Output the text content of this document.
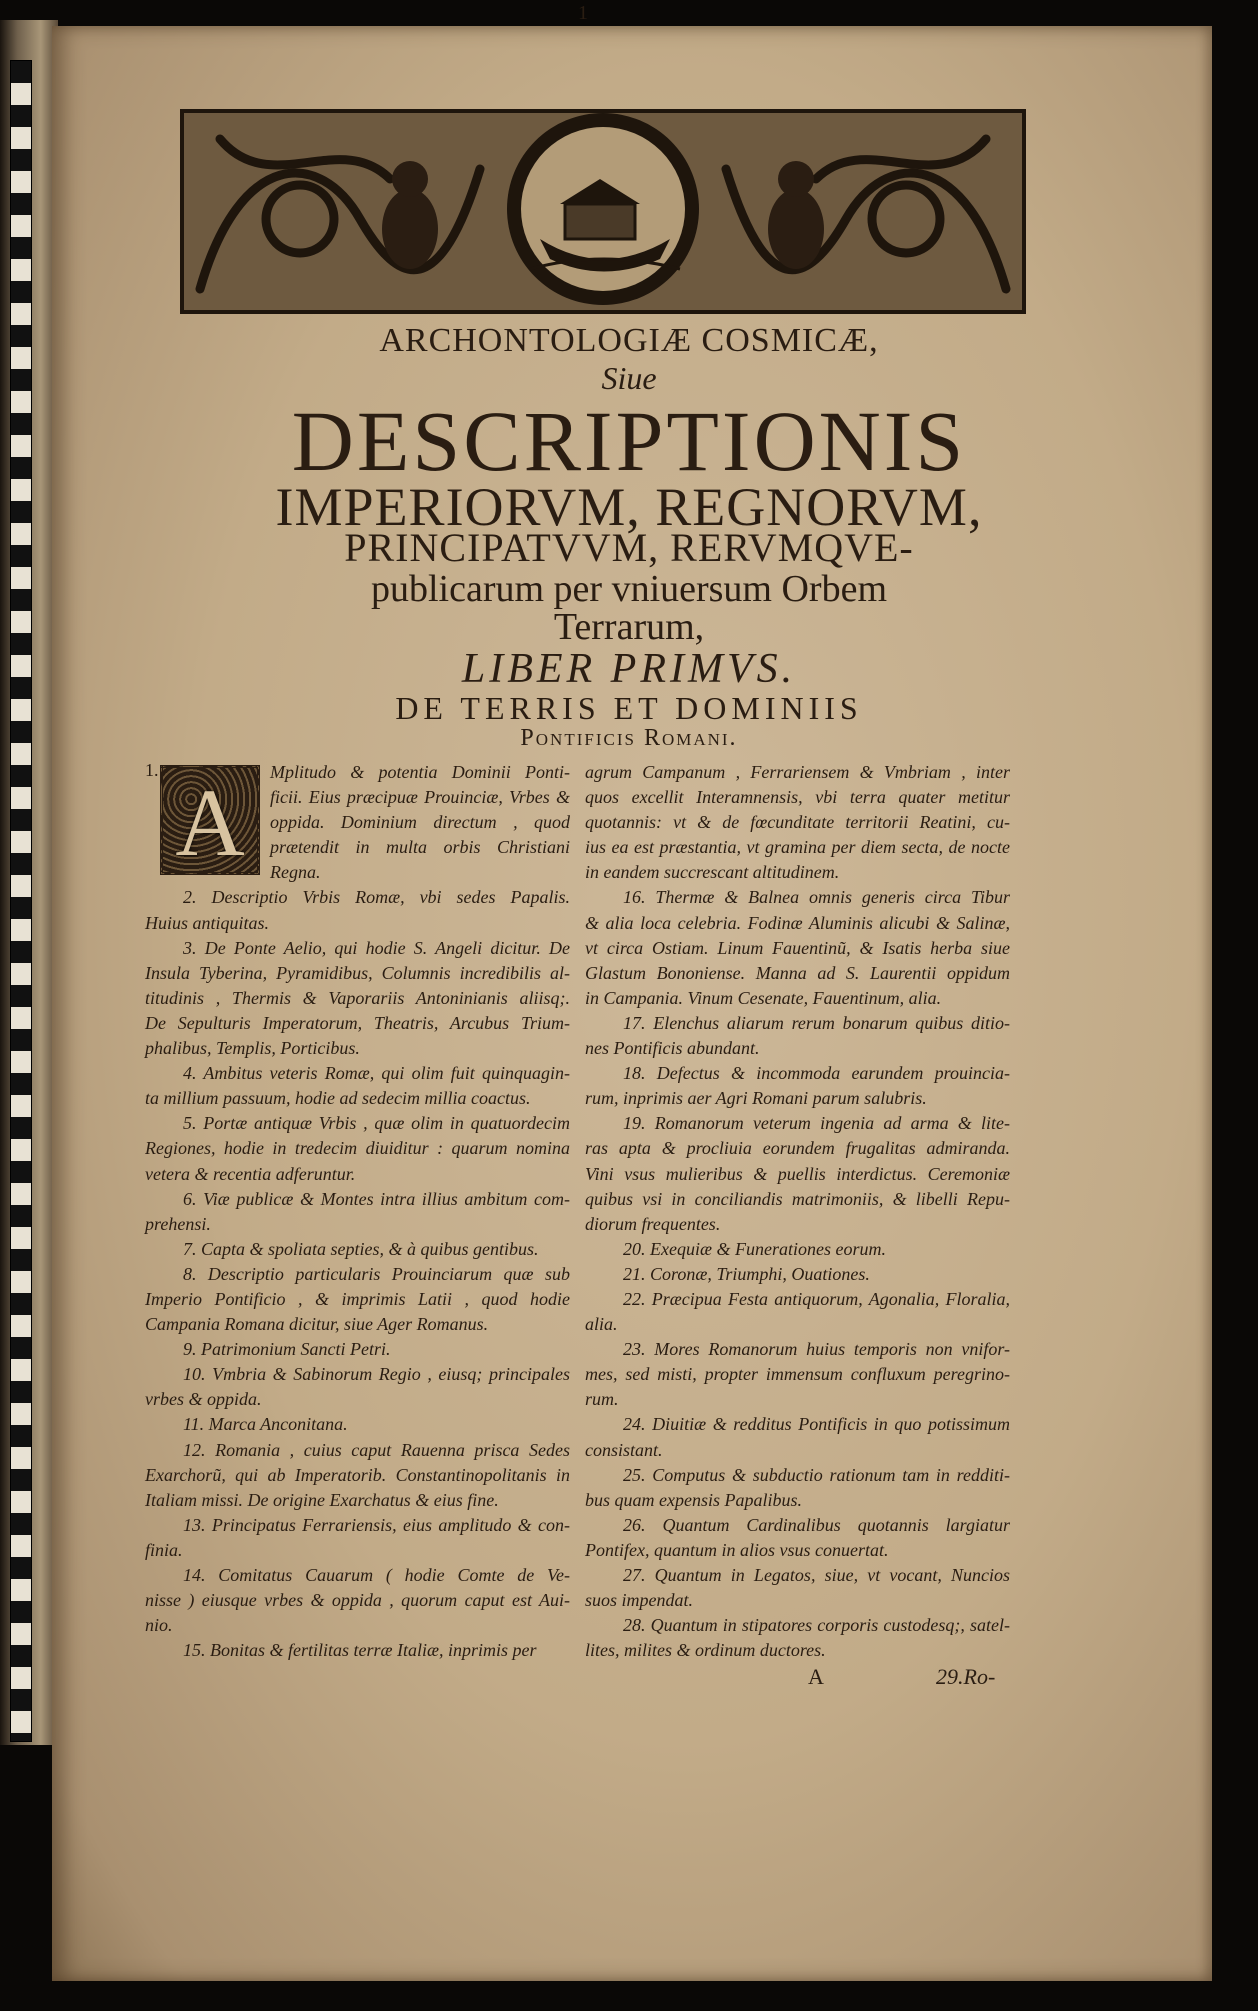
1
ARCHONTOLOGIÆ COSMICÆ,
Siue
DESCRIPTIONIS
IMPERIORVM, REGNORVM,
PRINCIPATVVM, RERVMQVE-
publicarum per vniuersum Orbem
Terrarum,
LIBER PRIMVS.
DE TERRIS ET DOMINIIS
Pontificis Romani.
1. A	Mplitudo & potentia Dominii Ponti-
ficii. Eius præcipuæ Prouinciæ, Vrbes &
oppida. Dominium directum , quod
prætendit in multa orbis Christiani
Regna.
2. Descriptio Vrbis Romæ, vbi sedes Papalis.
Huius antiquitas.
3. De Ponte Aelio, qui hodie S. Angeli dicitur. De
Insula Tyberina, Pyramidibus, Columnis incredibilis al-
titudinis , Thermis & Vaporariis Antoninianis aliisq;.
De Sepulturis Imperatorum, Theatris, Arcubus Trium-
phalibus, Templis, Porticibus.
4. Ambitus veteris Romæ, qui olim fuit quinquagin-
ta millium passuum, hodie ad sedecim millia coactus.
5. Portæ antiquæ Vrbis , quæ olim in quatuordecim
Regiones, hodie in tredecim diuiditur : quarum nomina
vetera & recentia adferuntur.
6. Viæ publicæ & Montes intra illius ambitum com-
prehensi.
7. Capta & spoliata septies, & à quibus gentibus.
8. Descriptio particularis Prouinciarum quæ sub
Imperio Pontificio , & imprimis Latii , quod hodie
Campania Romana dicitur, siue Ager Romanus.
9. Patrimonium Sancti Petri.
10. Vmbria & Sabinorum Regio , eiusq; principales
vrbes & oppida.
11. Marca Anconitana.
12. Romania , cuius caput Rauenna prisca Sedes
Exarchorũ, qui ab Imperatorib. Constantinopolitanis in
Italiam missi. De origine Exarchatus & eius fine.
13. Principatus Ferrariensis, eius amplitudo & con-
finia.
14. Comitatus Cauarum ( hodie Comte de Ve-
nisse ) eiusque vrbes & oppida , quorum caput est Aui-
nio.
15. Bonitas & fertilitas terræ Italiæ, inprimis per
agrum Campanum , Ferrariensem & Vmbriam , inter
quos excellit Interamnensis, vbi terra quater metitur
quotannis: vt & de fœcunditate territorii Reatini, cu-
ius ea est præstantia, vt gramina per diem secta, de nocte
in eandem succrescant altitudinem.
16. Thermæ & Balnea omnis generis circa Tibur
& alia loca celebria. Fodinæ Aluminis alicubi & Salinæ,
vt circa Ostiam. Linum Fauentinũ, & Isatis herba siue
Glastum Bononiense. Manna ad S. Laurentii oppidum
in Campania. Vinum Cesenate, Fauentinum, alia.
17. Elenchus aliarum rerum bonarum quibus ditio-
nes Pontificis abundant.
18. Defectus & incommoda earundem prouincia-
rum, inprimis aer Agri Romani parum salubris.
19. Romanorum veterum ingenia ad arma & lite-
ras apta & procliuia eorundem frugalitas admiranda.
Vini vsus mulieribus & puellis interdictus. Ceremoniæ
quibus vsi in conciliandis matrimoniis, & libelli Repu-
diorum frequentes.
20. Exequiæ & Funerationes eorum.
21. Coronæ, Triumphi, Ouationes.
22. Præcipua Festa antiquorum, Agonalia, Floralia,
alia.
23. Mores Romanorum huius temporis non vnifor-
mes, sed misti, propter immensum confluxum peregrino-
rum.
24. Diuitiæ & redditus Pontificis in quo potissimum
consistant.
25. Computus & subductio rationum tam in redditi-
bus quam expensis Papalibus.
26. Quantum Cardinalibus quotannis largiatur
Pontifex, quantum in alios vsus conuertat.
27. Quantum in Legatos, siue, vt vocant, Nuncios
suos impendat.
28. Quantum in stipatores corporis custodesq;, satel-
lites, milites & ordinum ductores.
A	29.Ro-
